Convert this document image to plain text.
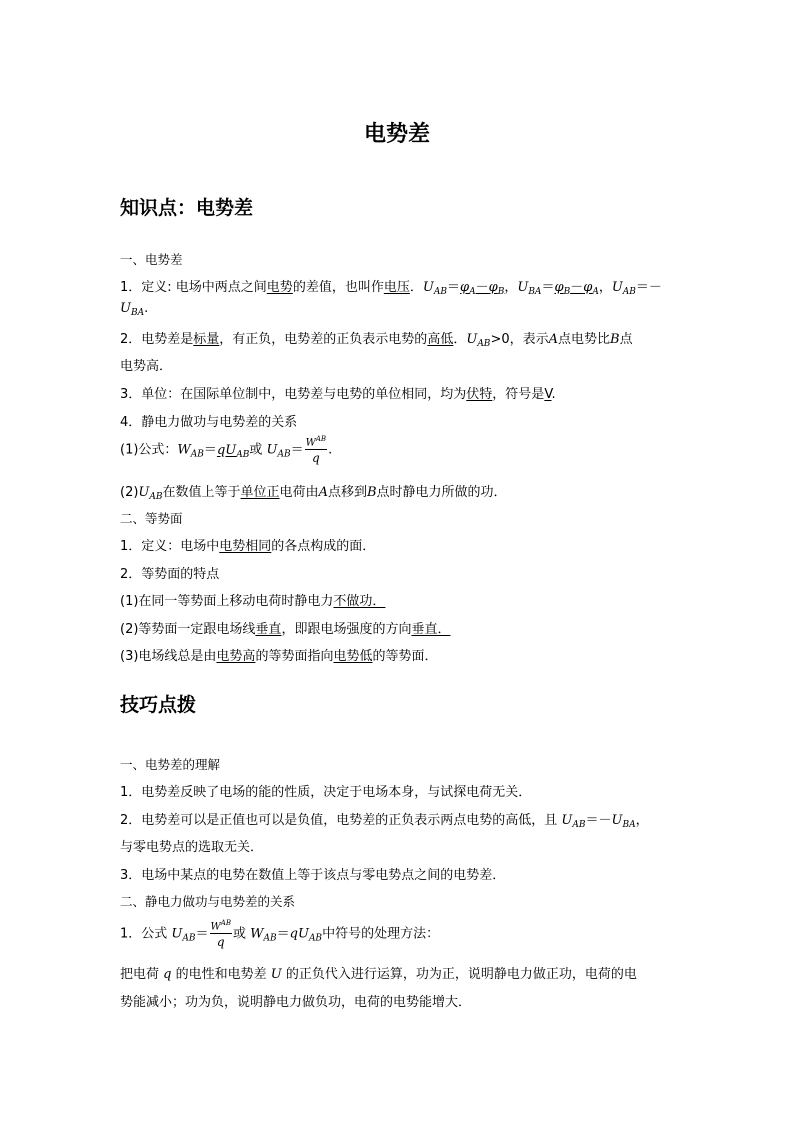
电势差
知识点：电势差
一、电势差
1．定义: 电场中两点之间电势的差值，也叫作电压．$U_{AB}=\varphi_A-\varphi_B$，$U_{BA}=\varphi_B-\varphi_A$，$U_{AB}=-$
$U_{BA}$.
2．电势差是标量，有正负，电势差的正负表示电势的高低．$U_{AB}>0$，表示A点电势比B点
电势高．
3．单位：在国际单位制中，电势差与电势的单位相同，均为伏特，符号是V.
4．静电力做功与电势差的关系
(1)公式：$W_{AB}=qU_{AB}$或 $U_{AB}= \frac{W^{AB}}{q}$ .
$(2)U_{AB}$在数值上等于单位正电荷由A点移到B点时静电力所做的功．
二、等势面
1．定义：电场中电势相同的各点构成的面．
2．等势面的特点
(1)在同一等势面上移动电荷时静电力不做功．
(2)等势面一定跟电场线垂直，即跟电场强度的方向垂直．
(3)电场线总是由电势高的等势面指向电势低的等势面．
技巧点拨
一、电势差的理解
1．电势差反映了电场的能的性质，决定于电场本身，与试探电荷无关．
2．电势差可以是正值也可以是负值，电势差的正负表示两点电势的高低，且 $U_{AB}=-U_{BA}$，
与零电势点的选取无关．
3．电场中某点的电势在数值上等于该点与零电势点之间的电势差．
二、静电力做功与电势差的关系
1．公式 $U_{AB}= \frac{W^{AB}}{q}$ 或 $W_{AB}=qU_{AB}$中符号的处理方法：
把电荷 q 的电性和电势差 U 的正负代入进行运算，功为正，说明静电力做正功，电荷的电
势能减小；功为负，说明静电力做负功，电荷的电势能增大．
